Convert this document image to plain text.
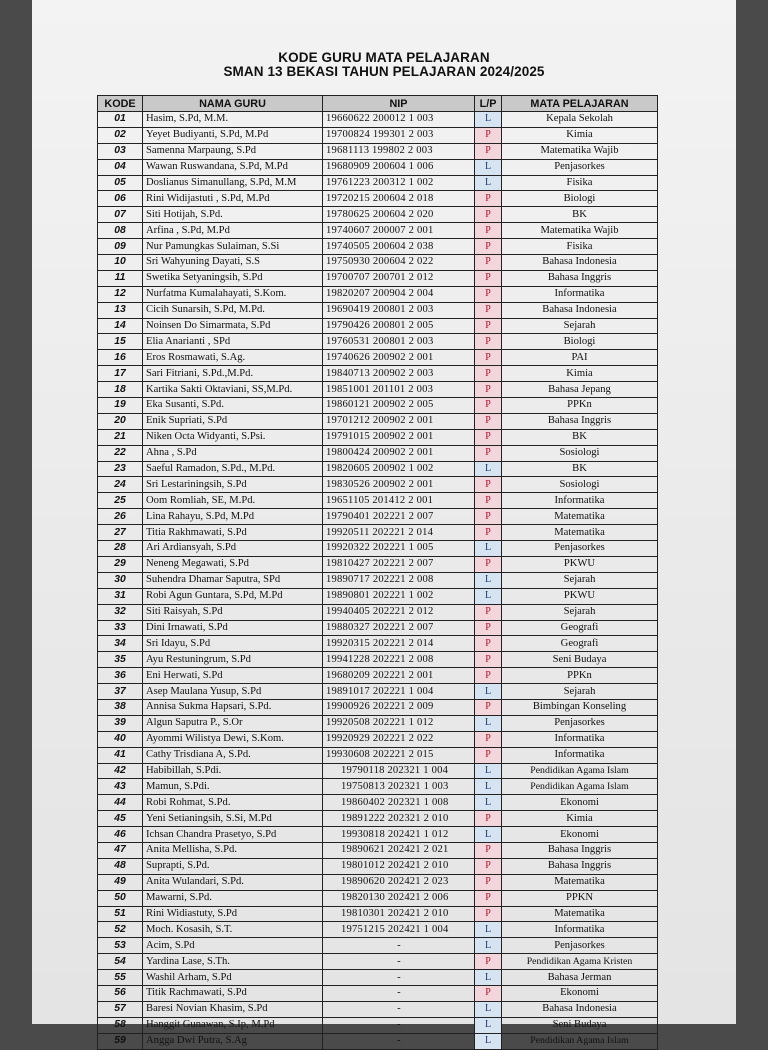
KODE GURU MATA PELAJARAN
SMAN 13 BEKASI TAHUN PELAJARAN 2024/2025
KODE	NAMA GURU	NIP	L/P	MATA PELAJARAN
01	Hasim, S.Pd, M.M.	19660622 200012 1 003	L	Kepala Sekolah
02	Yeyet Budiyanti, S.Pd, M.Pd	19700824 199301 2 003	P	Kimia
03	Samenna Marpaung, S.Pd	19681113 199802 2 003	P	Matematika Wajib
04	Wawan Ruswandana, S.Pd, M.Pd	19680909 200604 1 006	L	Penjasorkes
05	Doslianus Simanullang, S.Pd, M.M	19761223 200312 1 002	L	Fisika
06	Rini Widijastuti , S.Pd, M.Pd	19720215 200604 2 018	P	Biologi
07	Siti Hotijah, S.Pd.	19780625 200604 2 020	P	BK
08	Arfina , S.Pd, M.Pd	19740607 200007 2 001	P	Matematika Wajib
09	Nur Pamungkas Sulaiman, S.Si	19740505 200604 2 038	P	Fisika
10	Sri Wahyuning Dayati, S.S	19750930 200604 2 022	P	Bahasa Indonesia
11	Swetika Setyaningsih, S.Pd	19700707 200701 2 012	P	Bahasa Inggris
12	Nurfatma Kumalahayati, S.Kom.	19820207 200904 2 004	P	Informatika
13	Cicih Sunarsih, S.Pd, M.Pd.	19690419 200801 2 003	P	Bahasa Indonesia
14	Noinsen Do Simarmata, S.Pd	19790426 200801 2 005	P	Sejarah
15	Elia Anarianti , SPd	19760531 200801 2 003	P	Biologi
16	Eros Rosmawati, S.Ag.	19740626 200902 2 001	P	PAI
17	Sari Fitriani, S.Pd.,M.Pd.	19840713 200902 2 003	P	Kimia
18	Kartika Sakti Oktaviani, SS,M.Pd.	19851001 201101 2 003	P	Bahasa Jepang
19	Eka Susanti, S.Pd.	19860121 200902 2 005	P	PPKn
20	Enik Supriati, S.Pd	19701212 200902 2 001	P	Bahasa Inggris
21	Niken Octa Widyanti, S.Psi.	19791015 200902 2 001	P	BK
22	Ahna , S.Pd	19800424 200902 2 001	P	Sosiologi
23	Saeful Ramadon, S.Pd., M.Pd.	19820605 200902 1 002	L	BK
24	Sri Lestariningsih, S.Pd	19830526 200902 2 001	P	Sosiologi
25	Oom Romliah, SE, M.Pd.	19651105 201412 2 001	P	Informatika
26	Lina Rahayu, S.Pd, M.Pd	19790401 202221 2 007	P	Matematika
27	Titia Rakhmawati, S.Pd	19920511 202221 2 014	P	Matematika
28	Ari Ardiansyah, S.Pd	19920322 202221 1 005	L	Penjasorkes
29	Neneng Megawati, S.Pd	19810427 202221 2 007	P	PKWU
30	Suhendra Dhamar Saputra, SPd	19890717 202221 2 008	L	Sejarah
31	Robi Agun Guntara, S.Pd, M.Pd	19890801 202221 1 002	L	PKWU
32	Siti Raisyah, S.Pd	19940405 202221 2 012	P	Sejarah
33	Dini Irnawati, S.Pd	19880327 202221 2 007	P	Geografi
34	Sri Idayu, S.Pd	19920315 202221 2 014	P	Geografi
35	Ayu Restuningrum, S.Pd	19941228 202221 2 008	P	Seni Budaya
36	Eni Herwati, S.Pd	19680209 202221 2 001	P	PPKn
37	Asep Maulana Yusup, S.Pd	19891017 202221 1 004	L	Sejarah
38	Annisa Sukma Hapsari, S.Pd.	19900926 202221 2 009	P	Bimbingan Konseling
39	Algun Saputra P., S.Or	19920508 202221 1 012	L	Penjasorkes
40	Ayommi Wilistya Dewi, S.Kom.	19920929 202221 2 022	P	Informatika
41	Cathy Trisdiana A, S.Pd.	19930608 202221 2 015	P	Informatika
42	Habibillah, S.Pdi.	19790118 202321 1 004	L	Pendidikan Agama Islam
43	Mamun, S.Pdi.	19750813 202321 1 003	L	Pendidikan Agama Islam
44	Robi Rohmat, S.Pd.	19860402 202321 1 008	L	Ekonomi
45	Yeni Setianingsih, S.Si, M.Pd	19891222 202321 2 010	P	Kimia
46	Ichsan Chandra Prasetyo, S.Pd	19930818 202421 1 012	L	Ekonomi
47	Anita Mellisha, S.Pd.	19890621 202421 2 021	P	Bahasa Inggris
48	Suprapti, S.Pd.	19801012 202421 2 010	P	Bahasa Inggris
49	Anita Wulandari, S.Pd.	19890620 202421 2 023	P	Matematika
50	Mawarni, S.Pd.	19820130 202421 2 006	P	PPKN
51	Rini Widiastuty, S.Pd	19810301 202421 2 010	P	Matematika
52	Moch. Kosasih, S.T.	19751215 202421 1 004	L	Informatika
53	Acim, S.Pd	-	L	Penjasorkes
54	Yardina Lase, S.Th.	-	P	Pendidikan Agama Kristen
55	Washil Arham, S.Pd	-	L	Bahasa Jerman
56	Titik Rachmawati, S.Pd	-	P	Ekonomi
57	Baresi Novian Khasim, S.Pd	-	L	Bahasa Indonesia
58	Hanggit Gunawan, S.Ip, M.Pd	-	L	Seni Budaya
59	Angga Dwi Putra, S.Ag	-	L	Pendidikan Agama Islam
